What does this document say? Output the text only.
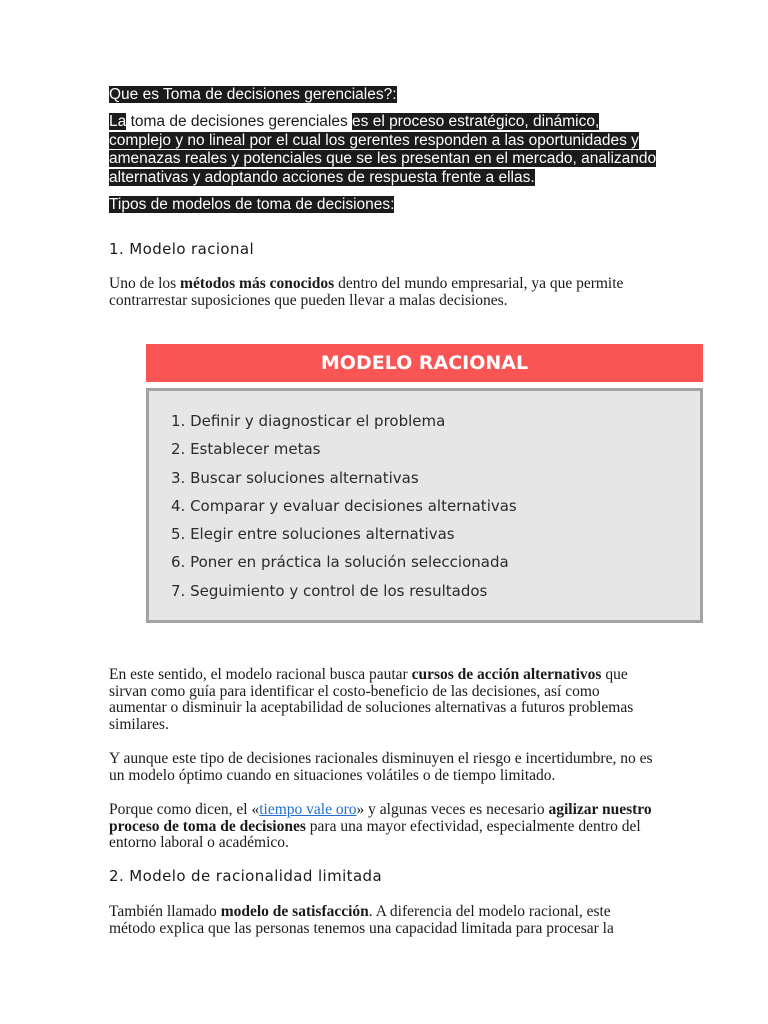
Que es Toma de decisiones gerenciales?:

La toma de decisiones gerenciales es el proceso estratégico, dinámico,
complejo y no lineal por el cual los gerentes responden a las oportunidades y
amenazas reales y potenciales que se les presentan en el mercado, analizando
alternativas y adoptando acciones de respuesta frente a ellas.

Tipos de modelos de toma de decisiones:

1. Modelo racional

Uno de los métodos más conocidos dentro del mundo empresarial, ya que permite
contrarrestar suposiciones que pueden llevar a malas decisiones.
MODELO RACIONAL
1. Definir y diagnosticar el problema
2. Establecer metas
3. Buscar soluciones alternativas
4. Comparar y evaluar decisiones alternativas
5. Elegir entre soluciones alternativas
6. Poner en práctica la solución seleccionada
7. Seguimiento y control de los resultados
En este sentido, el modelo racional busca pautar cursos de acción alternativos que
sirvan como guía para identificar el costo-beneficio de las decisiones, así como
aumentar o disminuir la aceptabilidad de soluciones alternativas a futuros problemas
similares.
Y aunque este tipo de decisiones racionales disminuyen el riesgo e incertidumbre, no es
un modelo óptimo cuando en situaciones volátiles o de tiempo limitado.
Porque como dicen, el «tiempo vale oro» y algunas veces es necesario agilizar nuestro
proceso de toma de decisiones para una mayor efectividad, especialmente dentro del
entorno laboral o académico.

2. Modelo de racionalidad limitada

También llamado modelo de satisfacción. A diferencia del modelo racional, este
método explica que las personas tenemos una capacidad limitada para procesar la
